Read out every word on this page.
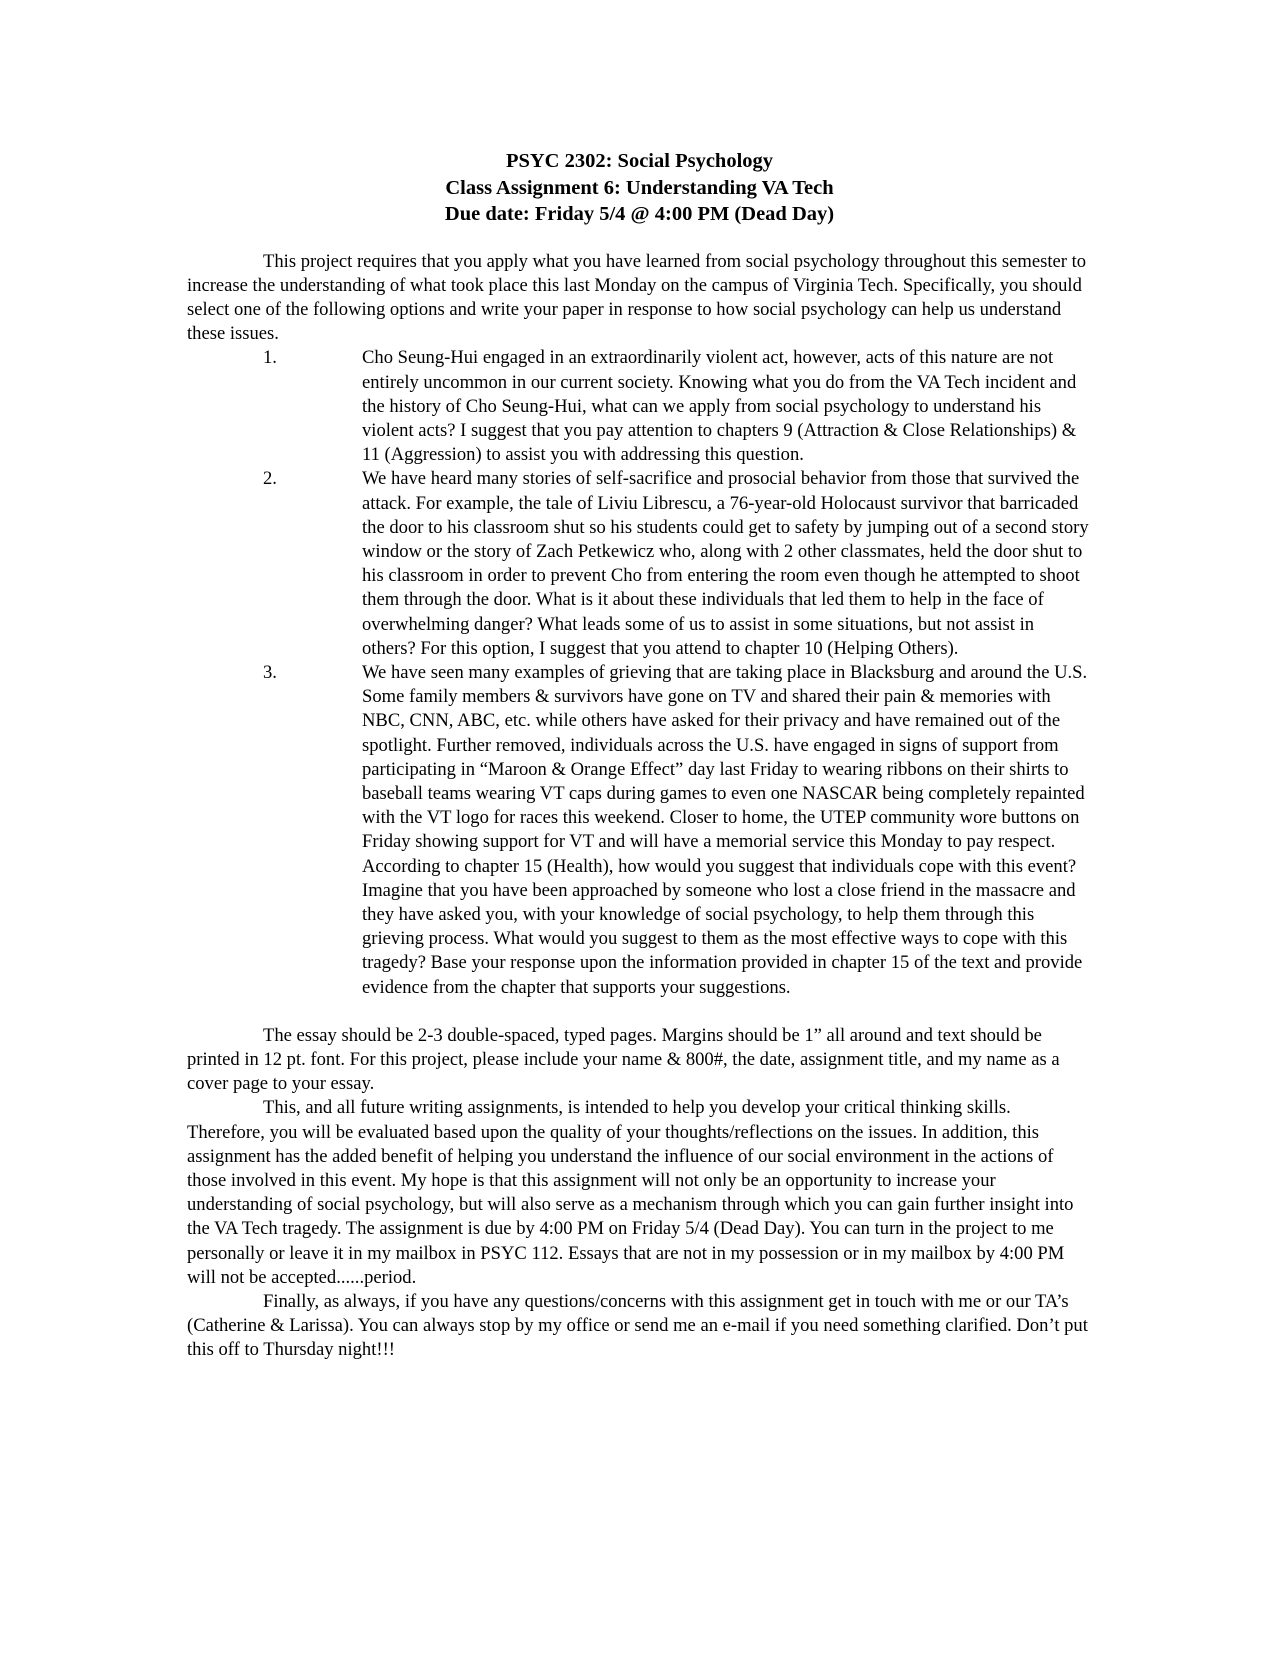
PSYC 2302: Social Psychology
Class Assignment 6: Understanding VA Tech
Due date: Friday 5/4 @ 4:00 PM (Dead Day)

This project requires that you apply what you have learned from social psychology throughout this semester to increase the understanding of what took place this last Monday on the campus of Virginia Tech. Specifically, you should select one of the following options and write your paper in response to how social psychology can help us understand these issues.

1.	Cho Seung-Hui engaged in an extraordinarily violent act, however, acts of this nature are not entirely uncommon in our current society. Knowing what you do from the VA Tech incident and the history of Cho Seung-Hui, what can we apply from social psychology to understand his violent acts? I suggest that you pay attention to chapters 9 (Attraction & Close Relationships) & 11 (Aggression) to assist you with addressing this question.
2.	We have heard many stories of self-sacrifice and prosocial behavior from those that survived the attack. For example, the tale of Liviu Librescu, a 76-year-old Holocaust survivor that barricaded the door to his classroom shut so his students could get to safety by jumping out of a second story window or the story of Zach Petkewicz who, along with 2 other classmates, held the door shut to his classroom in order to prevent Cho from entering the room even though he attempted to shoot them through the door. What is it about these individuals that led them to help in the face of overwhelming danger? What leads some of us to assist in some situations, but not assist in others? For this option, I suggest that you attend to chapter 10 (Helping Others).
3.	We have seen many examples of grieving that are taking place in Blacksburg and around the U.S. Some family members & survivors have gone on TV and shared their pain & memories with NBC, CNN, ABC, etc. while others have asked for their privacy and have remained out of the spotlight. Further removed, individuals across the U.S. have engaged in signs of support from participating in “Maroon & Orange Effect” day last Friday to wearing ribbons on their shirts to baseball teams wearing VT caps during games to even one NASCAR being completely repainted with the VT logo for races this weekend. Closer to home, the UTEP community wore buttons on Friday showing support for VT and will have a memorial service this Monday to pay respect. According to chapter 15 (Health), how would you suggest that individuals cope with this event? Imagine that you have been approached by someone who lost a close friend in the massacre and they have asked you, with your knowledge of social psychology, to help them through this grieving process. What would you suggest to them as the most effective ways to cope with this tragedy? Base your response upon the information provided in chapter 15 of the text and provide evidence from the chapter that supports your suggestions.

The essay should be 2-3 double-spaced, typed pages. Margins should be 1” all around and text should be printed in 12 pt. font. For this project, please include your name & 800#, the date, assignment title, and my name as a cover page to your essay.

This, and all future writing assignments, is intended to help you develop your critical thinking skills. Therefore, you will be evaluated based upon the quality of your thoughts/reflections on the issues. In addition, this assignment has the added benefit of helping you understand the influence of our social environment in the actions of those involved in this event. My hope is that this assignment will not only be an opportunity to increase your understanding of social psychology, but will also serve as a mechanism through which you can gain further insight into the VA Tech tragedy. The assignment is due by 4:00 PM on Friday 5/4 (Dead Day). You can turn in the project to me personally or leave it in my mailbox in PSYC 112. Essays that are not in my possession or in my mailbox by 4:00 PM will not be accepted......period.

Finally, as always, if you have any questions/concerns with this assignment get in touch with me or our TA’s (Catherine & Larissa). You can always stop by my office or send me an e-mail if you need something clarified. Don’t put this off to Thursday night!!!
